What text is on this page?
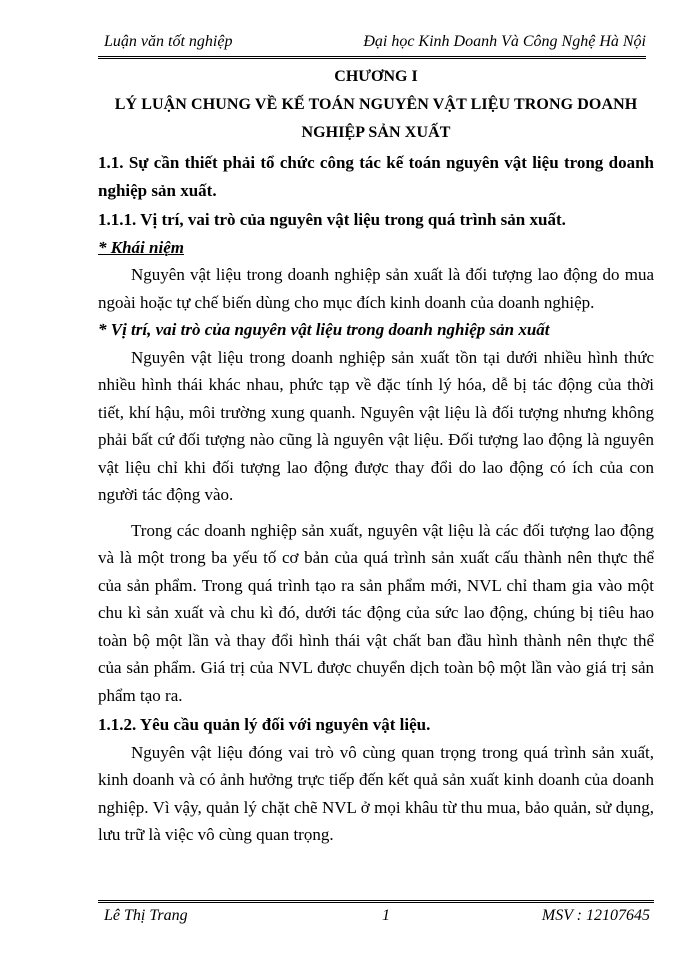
Luận văn tốt nghiệp	Đại học Kinh Doanh Và Công Nghệ Hà Nội
CHƯƠNG I
LÝ LUẬN CHUNG VỀ KẾ TOÁN NGUYÊN VẬT LIỆU TRONG DOANH NGHIỆP SẢN XUẤT
1.1. Sự cần thiết phải tổ chức công tác kế toán nguyên vật liệu trong doanh nghiệp sản xuất.
1.1.1. Vị trí, vai trò của nguyên vật liệu trong quá trình sản xuất.
* Khái niệm
Nguyên vật liệu trong doanh nghiệp sản xuất là đối tượng lao động do mua ngoài hoặc tự chế biến dùng cho mục đích kinh doanh của doanh nghiệp.
* Vị trí, vai trò của nguyên vật liệu trong doanh nghiệp sản xuất
Nguyên vật liệu trong doanh nghiệp sản xuất tồn tại dưới nhiều hình thức nhiều hình thái khác nhau, phức tạp về đặc tính lý hóa, dễ bị tác động của thời tiết, khí hậu, môi trường xung quanh. Nguyên vật liệu là đối tượng nhưng không phải bất cứ đối tượng nào cũng là nguyên vật liệu. Đối tượng lao động là nguyên vật liệu chỉ khi đối tượng lao động được thay đổi do lao động có ích của con người tác động vào.
Trong các doanh nghiệp sản xuất, nguyên vật liệu là các đối tượng lao động và là một trong ba yếu tố cơ bản của quá trình sản xuất cấu thành nên thực thể của sản phẩm. Trong quá trình tạo ra sản phẩm mới, NVL chỉ tham gia vào một chu kì sản xuất và chu kì đó, dưới tác động của sức lao động, chúng bị tiêu hao toàn bộ một lần và thay đổi hình thái vật chất ban đầu hình thành nên thực thể của sản phẩm. Giá trị của NVL được chuyển dịch toàn bộ một lần vào giá trị sản phẩm tạo ra.
1.1.2. Yêu cầu quản lý đối với nguyên vật liệu.
Nguyên vật liệu đóng vai trò vô cùng quan trọng trong quá trình sản xuất, kinh doanh và có ảnh hưởng trực tiếp đến kết quả sản xuất kinh doanh của doanh nghiệp. Vì vậy, quản lý chặt chẽ NVL ở mọi khâu từ thu mua, bảo quản, sử dụng, lưu trữ là việc vô cùng quan trọng.
Lê Thị Trang	1	MSV : 12107645
